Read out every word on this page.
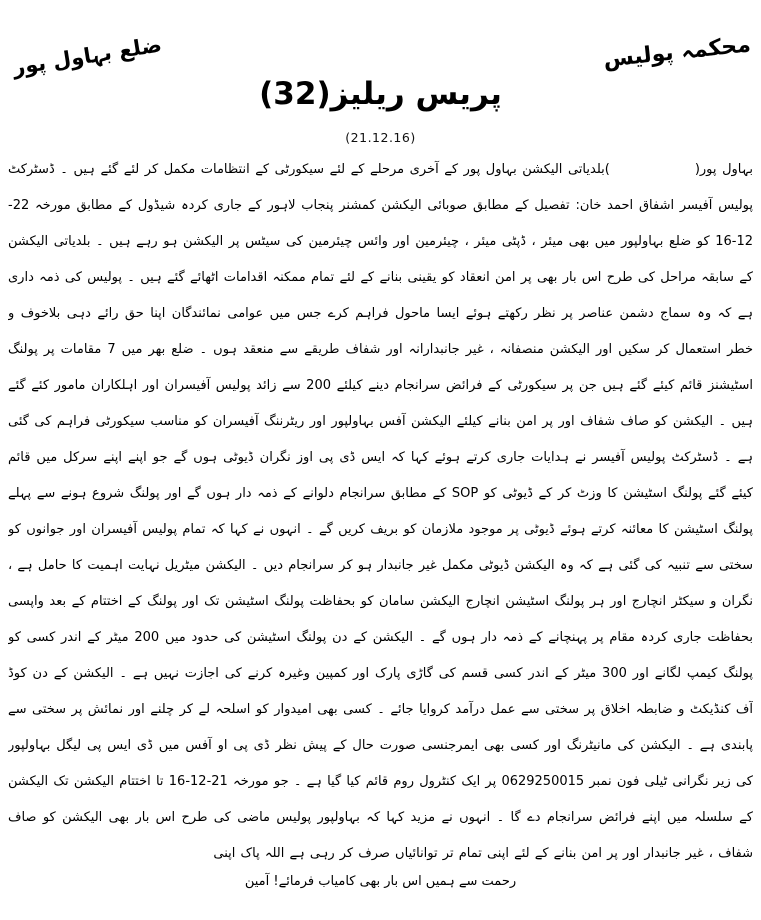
محکمہ پولیس
ضلع بہاول پور
پریس ریلیز(32)
(21.12.16)

بہاول پور()بلدیاتی الیکشن بہاول پور کے آخری مرحلے کے لئے سیکورٹی کے انتظامات مکمل کر لئے گئے ہیں ۔ ڈسٹرکٹ پولیس آفیسر اشفاق احمد خان: تفصیل کے مطابق صوبائی الیکشن کمشنر پنجاب لاہور کے جاری کردہ شیڈول کے مطابق مورخہ 22-12-16 کو ضلع بہاولپور میں بھی میئر ، ڈپٹی میئر ، چیئرمین اور وائس چیئرمین کی سیٹس پر الیکشن ہو رہے ہیں ۔ بلدیاتی الیکشن کے سابقہ مراحل کی طرح اس بار بھی پر امن انعقاد کو یقینی بنانے کے لئے تمام ممکنہ اقدامات اٹھائے گئے ہیں ۔ پولیس کی ذمہ داری ہے کہ وہ سماج دشمن عناصر پر نظر رکھتے ہوئے ایسا ماحول فراہم کرے جس میں عوامی نمائندگان اپنا حق رائے دہی بلاخوف و خطر استعمال کر سکیں اور الیکشن منصفانہ ، غیر جانبدارانہ اور شفاف طریقے سے منعقد ہوں ۔ ضلع بھر میں 7 مقامات پر پولنگ اسٹیشنز قائم کیئے گئے ہیں جن پر سیکورٹی کے فرائض سرانجام دینے کیلئے 200 سے زائد پولیس آفیسران اور اہلکاران مامور کئے گئے ہیں ۔ الیکشن کو صاف شفاف اور پر امن بنانے کیلئے الیکشن آفس بہاولپور اور ریٹرننگ آفیسران کو مناسب سیکورٹی فراہم کی گئی ہے ۔ ڈسٹرکٹ پولیس آفیسر نے ہدایات جاری کرتے ہوئے کہا کہ ایس ڈی پی اوز نگران ڈیوٹی ہوں گے جو اپنے اپنے سرکل میں قائم کیئے گئے پولنگ اسٹیشن کا وزٹ کر کے ڈیوٹی کو SOP کے مطابق سرانجام دلوانے کے ذمہ دار ہوں گے اور پولنگ شروع ہونے سے پہلے پولنگ اسٹیشن کا معائنہ کرتے ہوئے ڈیوٹی پر موجود ملازمان کو بریف کریں گے ۔ انہوں نے کہا کہ تمام پولیس آفیسران اور جوانوں کو سختی سے تنبیہ کی گئی ہے کہ وہ الیکشن ڈیوٹی مکمل غیر جانبدار ہو کر سرانجام دیں ۔ الیکشن میٹریل نہایت اہمیت کا حامل ہے ، نگران و سیکٹر انچارج اور ہر پولنگ اسٹیشن انچارج الیکشن سامان کو بحفاظت پولنگ اسٹیشن تک اور پولنگ کے اختتام کے بعد واپسی بحفاظت جاری کردہ مقام پر پہنچانے کے ذمہ دار ہوں گے ۔ الیکشن کے دن پولنگ اسٹیشن کی حدود میں 200 میٹر کے اندر کسی کو پولنگ کیمپ لگانے اور 300 میٹر کے اندر کسی قسم کی گاڑی پارک اور کمپین وغیرہ کرنے کی اجازت نہیں ہے ۔ الیکشن کے دن کوڈ آف کنڈیکٹ و ضابطہ اخلاق پر سختی سے عمل درآمد کروایا جائے ۔ کسی بھی امیدوار کو اسلحہ لے کر چلنے اور نمائش پر سختی سے پابندی ہے ۔ الیکشن کی مانیٹرنگ اور کسی بھی ایمرجنسی صورت حال کے پیش نظر ڈی پی او آفس میں ڈی ایس پی لیگل بہاولپور کی زیر نگرانی ٹیلی فون نمبر 0629250015 پر ایک کنٹرول روم قائم کیا گیا ہے ۔ جو مورخہ 21-12-16 تا اختتام الیکشن تک الیکشن کے سلسلہ میں اپنے فرائض سرانجام دے گا ۔ انہوں نے مزید کہا کہ بہاولپور پولیس ماضی کی طرح اس بار بھی الیکشن کو صاف شفاف ، غیر جانبدار اور پر امن بنانے کے لئے اپنی تمام تر توانائیاں صرف کر رہی ہے اللہ پاک اپنی

رحمت سے ہمیں اس بار بھی کامیاب فرمائے! آمین
